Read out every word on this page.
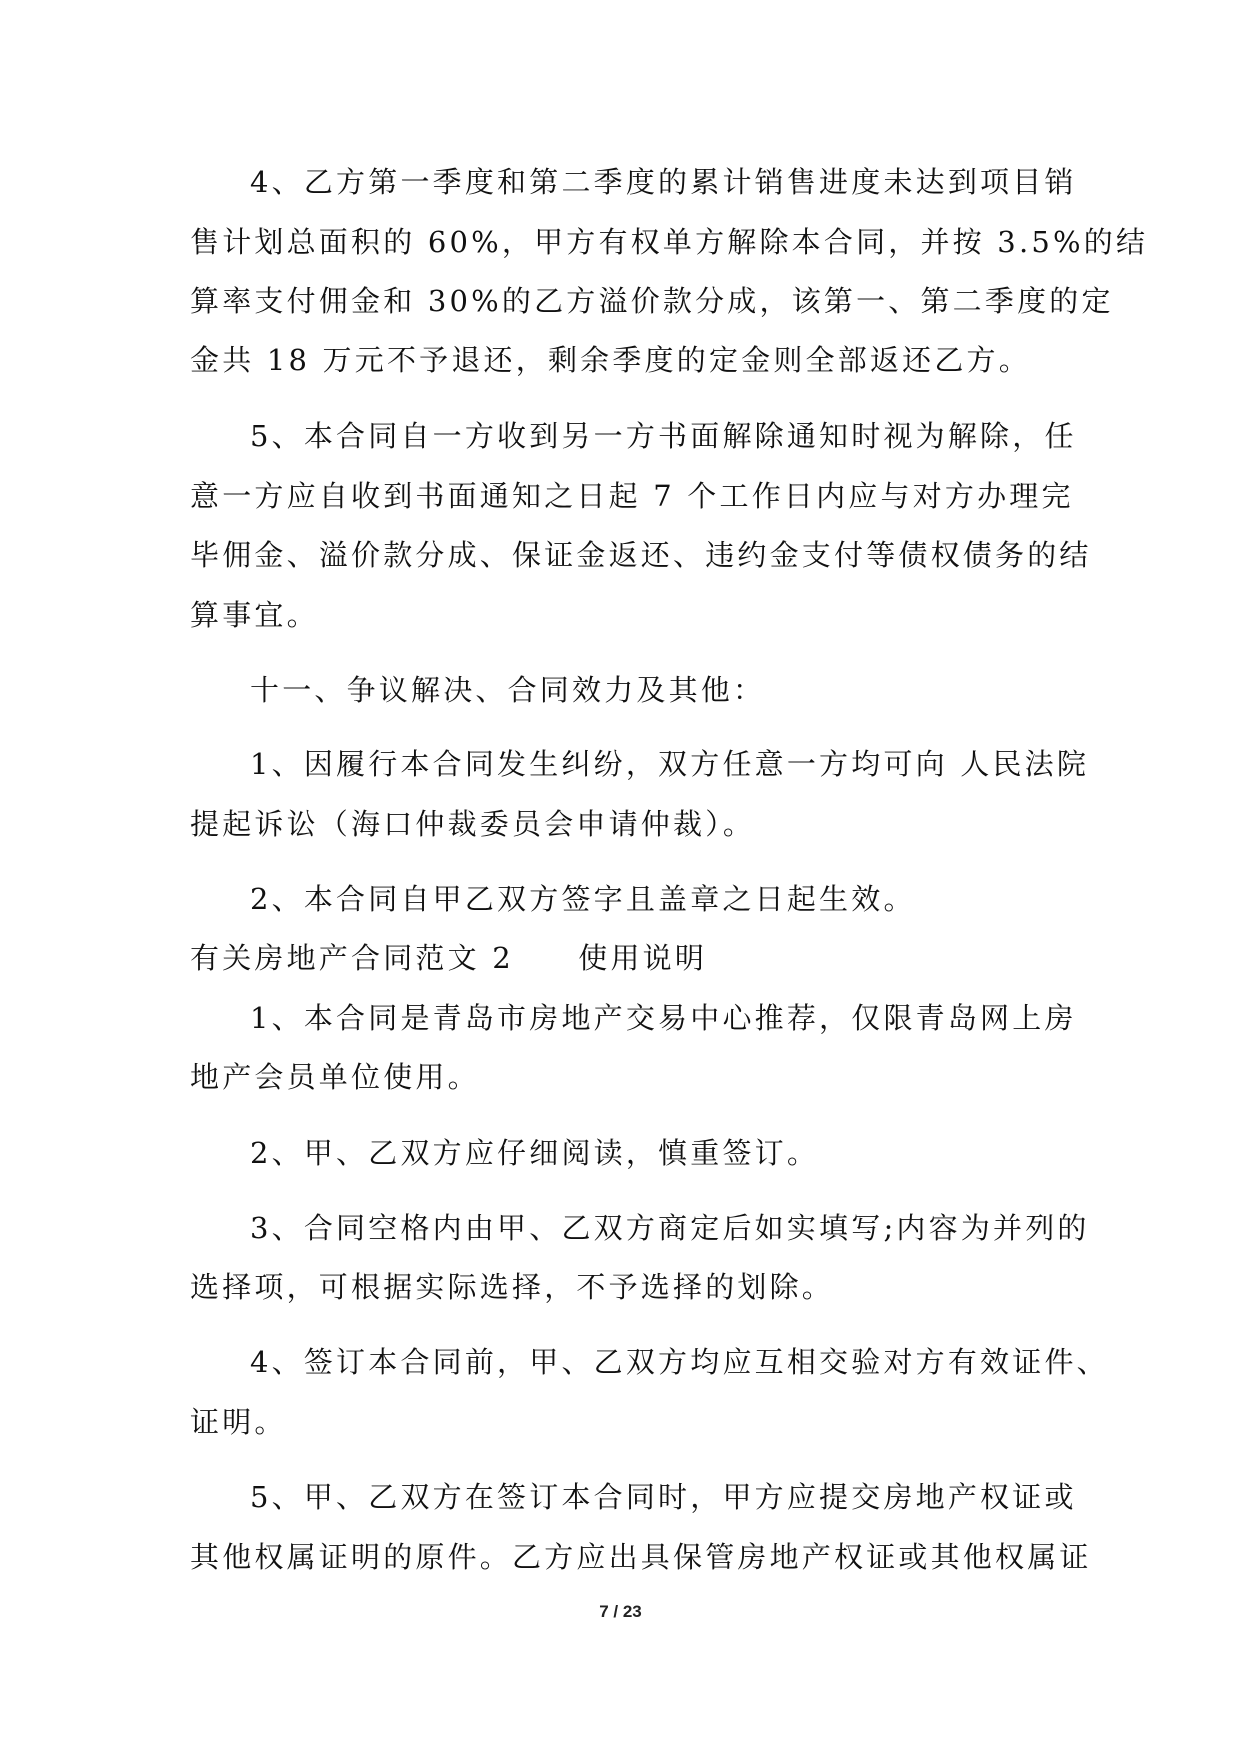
4、乙方第一季度和第二季度的累计销售进度未达到项目销
售计划总面积的 60%，甲方有权单方解除本合同，并按 3.5%的结
算率支付佣金和 30%的乙方溢价款分成，该第一、第二季度的定
金共 18 万元不予退还，剩余季度的定金则全部返还乙方。
5、本合同自一方收到另一方书面解除通知时视为解除，任
意一方应自收到书面通知之日起 7 个工作日内应与对方办理完
毕佣金、溢价款分成、保证金返还、违约金支付等债权债务的结
算事宜。
十一、争议解决、合同效力及其他：
1、因履行本合同发生纠纷，双方任意一方均可向 人民法院
提起诉讼（海口仲裁委员会申请仲裁）。
2、本合同自甲乙双方签字且盖章之日起生效。
有关房地产合同范文 2　　使用说明
1、本合同是青岛市房地产交易中心推荐，仅限青岛网上房
地产会员单位使用。
2、甲、乙双方应仔细阅读，慎重签订。
3、合同空格内由甲、乙双方商定后如实填写;内容为并列的
选择项，可根据实际选择，不予选择的划除。
4、签订本合同前，甲、乙双方均应互相交验对方有效证件、
证明。
5、甲、乙双方在签订本合同时，甲方应提交房地产权证或
其他权属证明的原件。乙方应出具保管房地产权证或其他权属证
7 / 23
